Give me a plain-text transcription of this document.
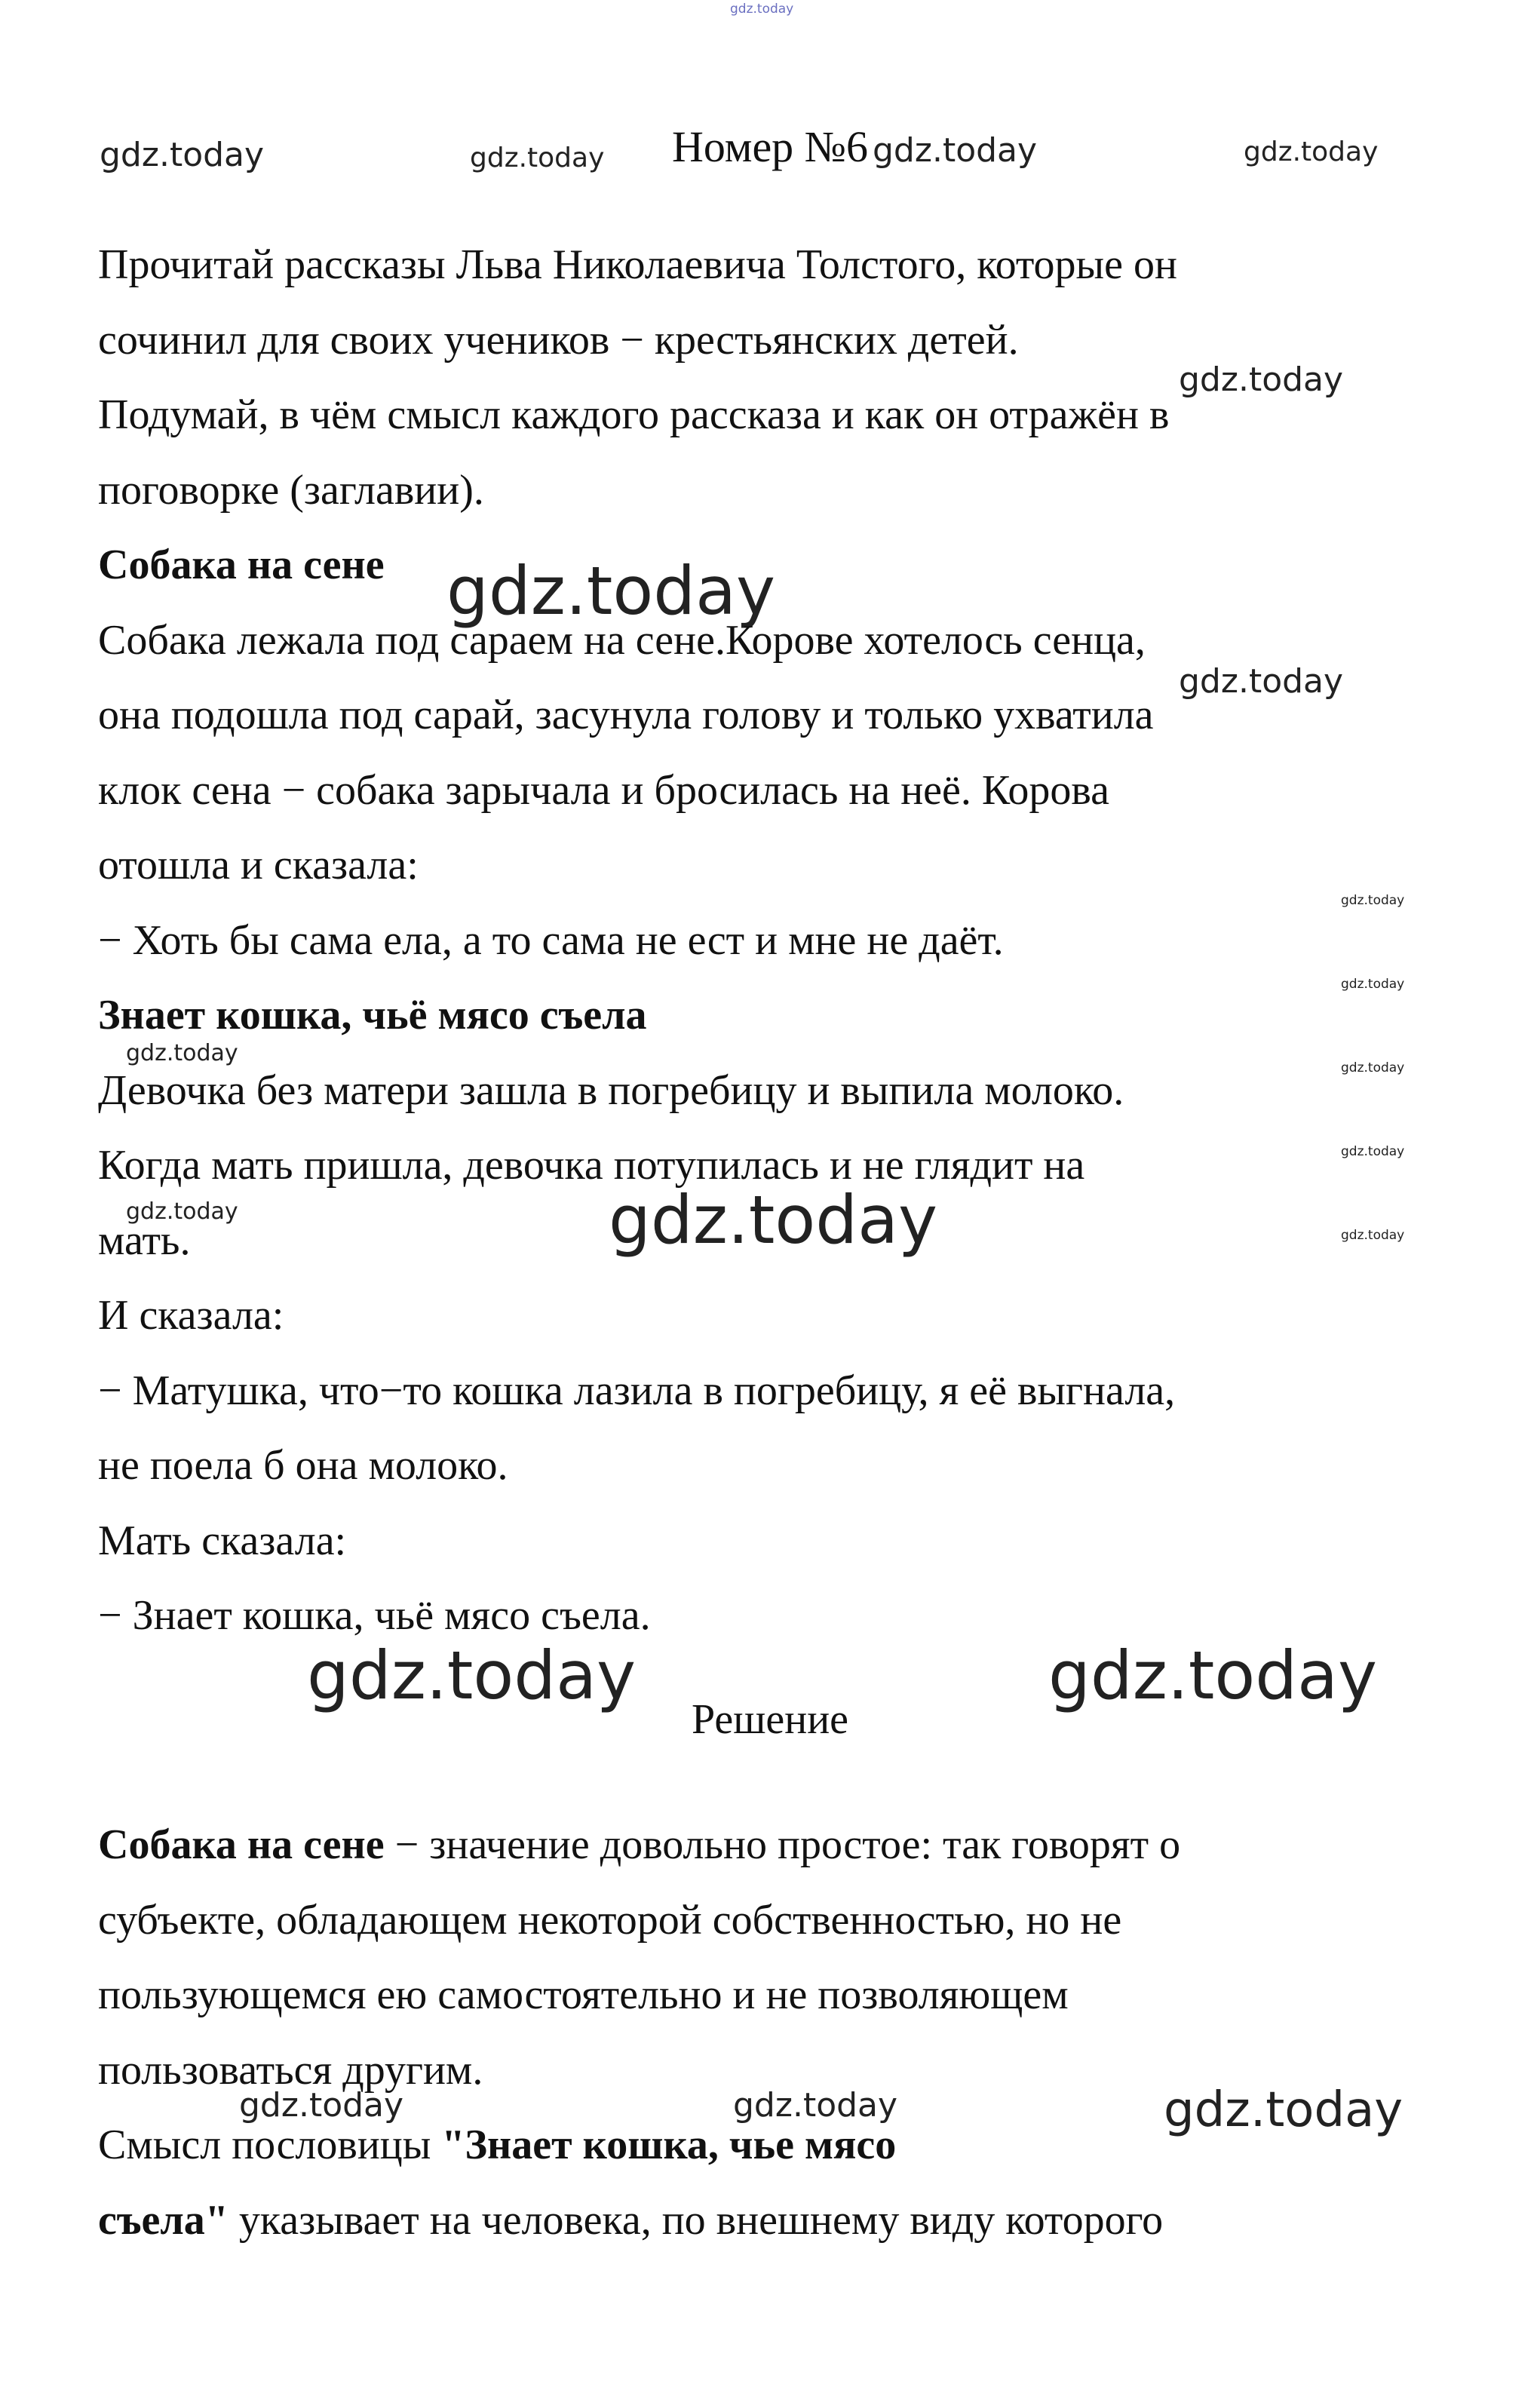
gdz.today
gdz.today	gdz.today	gdz.today	gdz.today
gdz.today
gdz.today
gdz.today
gdz.today
gdz.today
gdz.today
gdz.today
gdz.today
gdz.today	gdz.today	gdz.today
gdz.today	gdz.today
gdz.today	gdz.today	gdz.today
Номер №6

Прочитай рассказы Льва Николаевича Толстого, которые он

сочинил для своих учеников − крестьянских детей.

Подумай, в чём смысл каждого рассказа и как он отражён в

поговорке (заглавии).

Собака на сене

Собака лежала под сараем на сене.Корове хотелось сенца,

она подошла под сарай, засунула голову и только ухватила

клок сена − собака зарычала и бросилась на неё. Корова

отошла и сказала:

− Хоть бы сама ела, а то сама не ест и мне не даёт.

Знает кошка, чьё мясо съела

Девочка без матери зашла в погребицу и выпила молоко.

Когда мать пришла, девочка потупилась и не глядит на

мать.

И сказала:

− Матушка, что−то кошка лазила в погребицу, я её выгнала,

не поела б она молоко.

Мать сказала:

− Знает кошка, чьё мясо съела.

Решение

Собака на сене − значение довольно простое: так говорят о

субъекте, обладающем некоторой собственностью, но не

пользующемся ею самостоятельно и не позволяющем

пользоваться другим.

Смысл пословицы "Знает кошка, чье мясо

съела" указывает на человека, по внешнему виду которого
